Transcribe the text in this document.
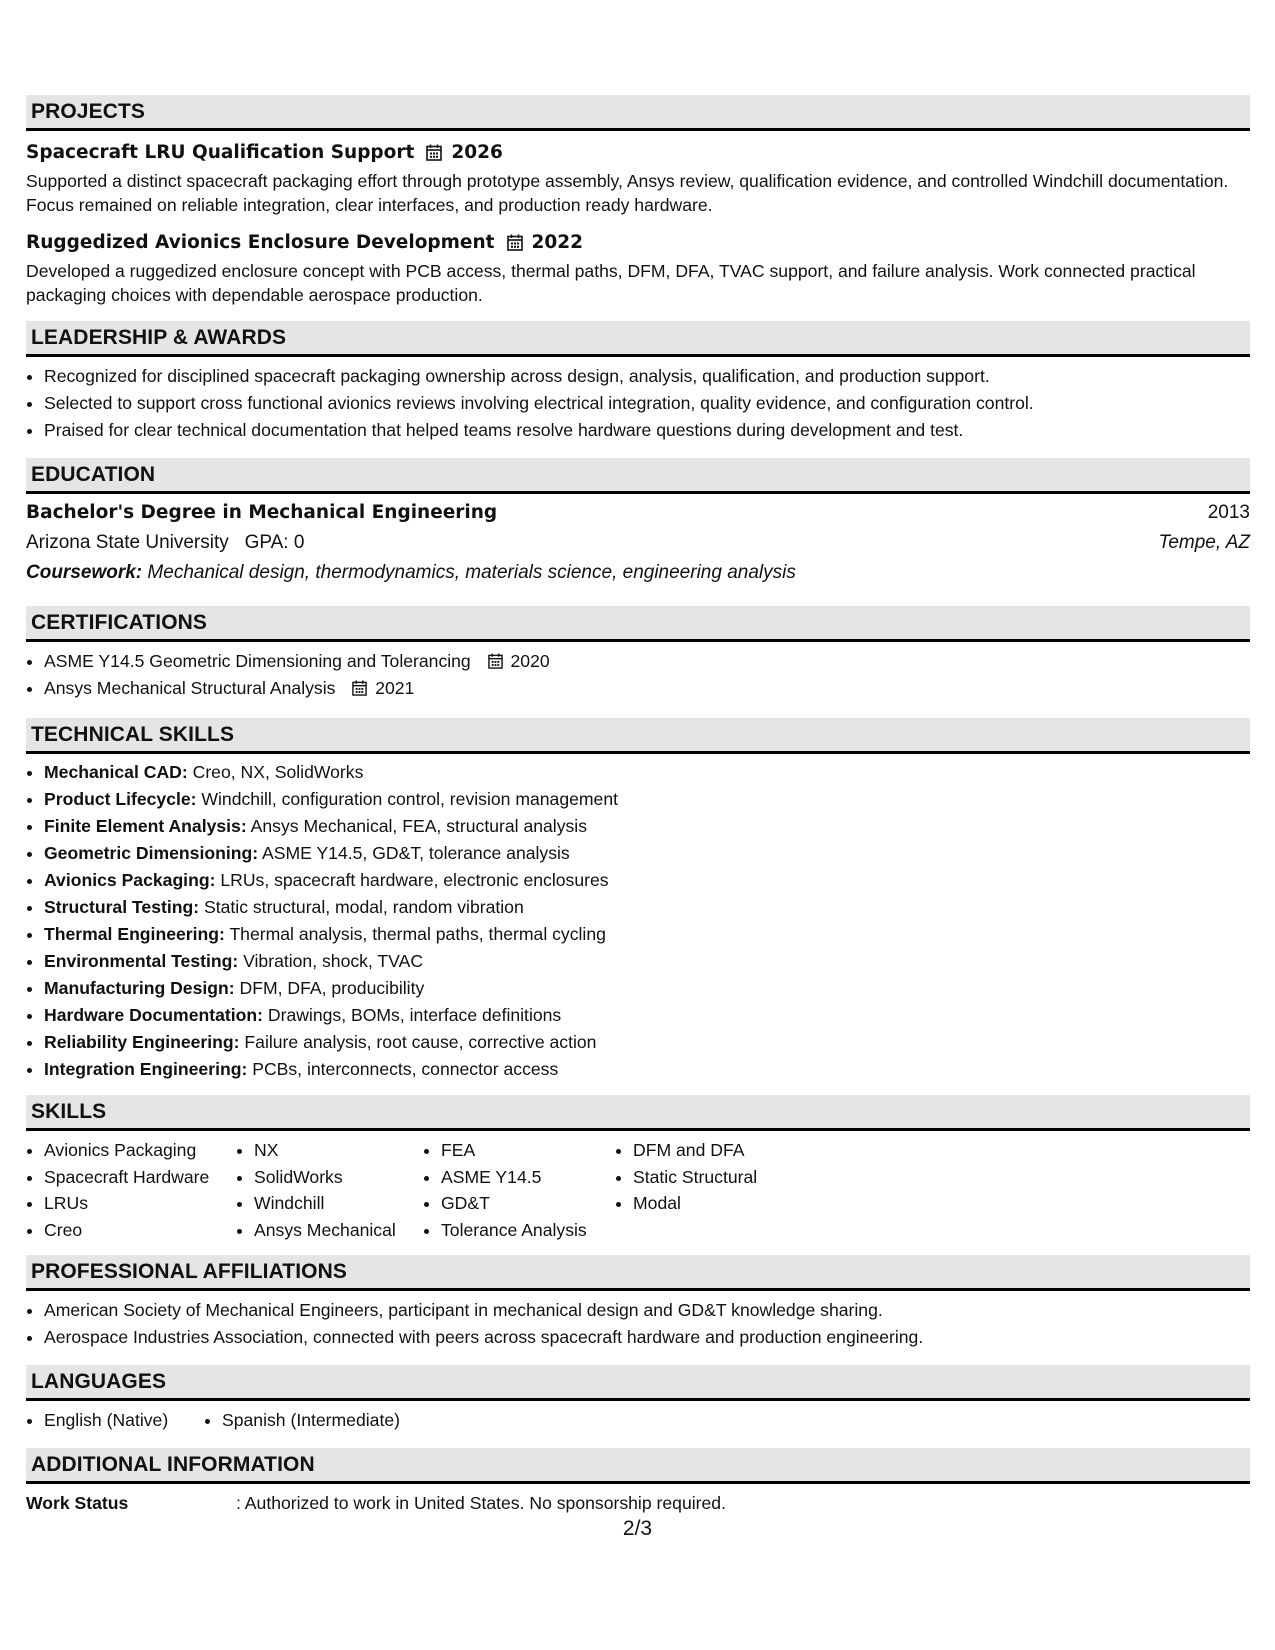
PROJECTS
Spacecraft LRU Qualification Support 2026
Supported a distinct spacecraft packaging effort through prototype assembly, Ansys review, qualification evidence, and controlled Windchill documentation. Focus remained on reliable integration, clear interfaces, and production ready hardware.
Ruggedized Avionics Enclosure Development 2022
Developed a ruggedized enclosure concept with PCB access, thermal paths, DFM, DFA, TVAC support, and failure analysis. Work connected practical packaging choices with dependable aerospace production.
LEADERSHIP & AWARDS
• Recognized for disciplined spacecraft packaging ownership across design, analysis, qualification, and production support.
• Selected to support cross functional avionics reviews involving electrical integration, quality evidence, and configuration control.
• Praised for clear technical documentation that helped teams resolve hardware questions during development and test.
EDUCATION
Bachelor's Degree in Mechanical Engineering	2013
Arizona State University   GPA: 0	Tempe, AZ
Coursework: Mechanical design, thermodynamics, materials science, engineering analysis
CERTIFICATIONS
• ASME Y14.5 Geometric Dimensioning and Tolerancing 2020
• Ansys Mechanical Structural Analysis 2021
TECHNICAL SKILLS
• Mechanical CAD: Creo, NX, SolidWorks
• Product Lifecycle: Windchill, configuration control, revision management
• Finite Element Analysis: Ansys Mechanical, FEA, structural analysis
• Geometric Dimensioning: ASME Y14.5, GD&T, tolerance analysis
• Avionics Packaging: LRUs, spacecraft hardware, electronic enclosures
• Structural Testing: Static structural, modal, random vibration
• Thermal Engineering: Thermal analysis, thermal paths, thermal cycling
• Environmental Testing: Vibration, shock, TVAC
• Manufacturing Design: DFM, DFA, producibility
• Hardware Documentation: Drawings, BOMs, interface definitions
• Reliability Engineering: Failure analysis, root cause, corrective action
• Integration Engineering: PCBs, interconnects, connector access
SKILLS
• Avionics Packaging
• Spacecraft Hardware
• LRUs
• Creo
• NX
• SolidWorks
• Windchill
• Ansys Mechanical
• FEA
• ASME Y14.5
• GD&T
• Tolerance Analysis
• DFM and DFA
• Static Structural
• Modal
PROFESSIONAL AFFILIATIONS
• American Society of Mechanical Engineers, participant in mechanical design and GD&T knowledge sharing.
• Aerospace Industries Association, connected with peers across spacecraft hardware and production engineering.
LANGUAGES
• English (Native)
•	Spanish (Intermediate)
ADDITIONAL INFORMATION
Work Status	: Authorized to work in United States. No sponsorship required.
2/3
